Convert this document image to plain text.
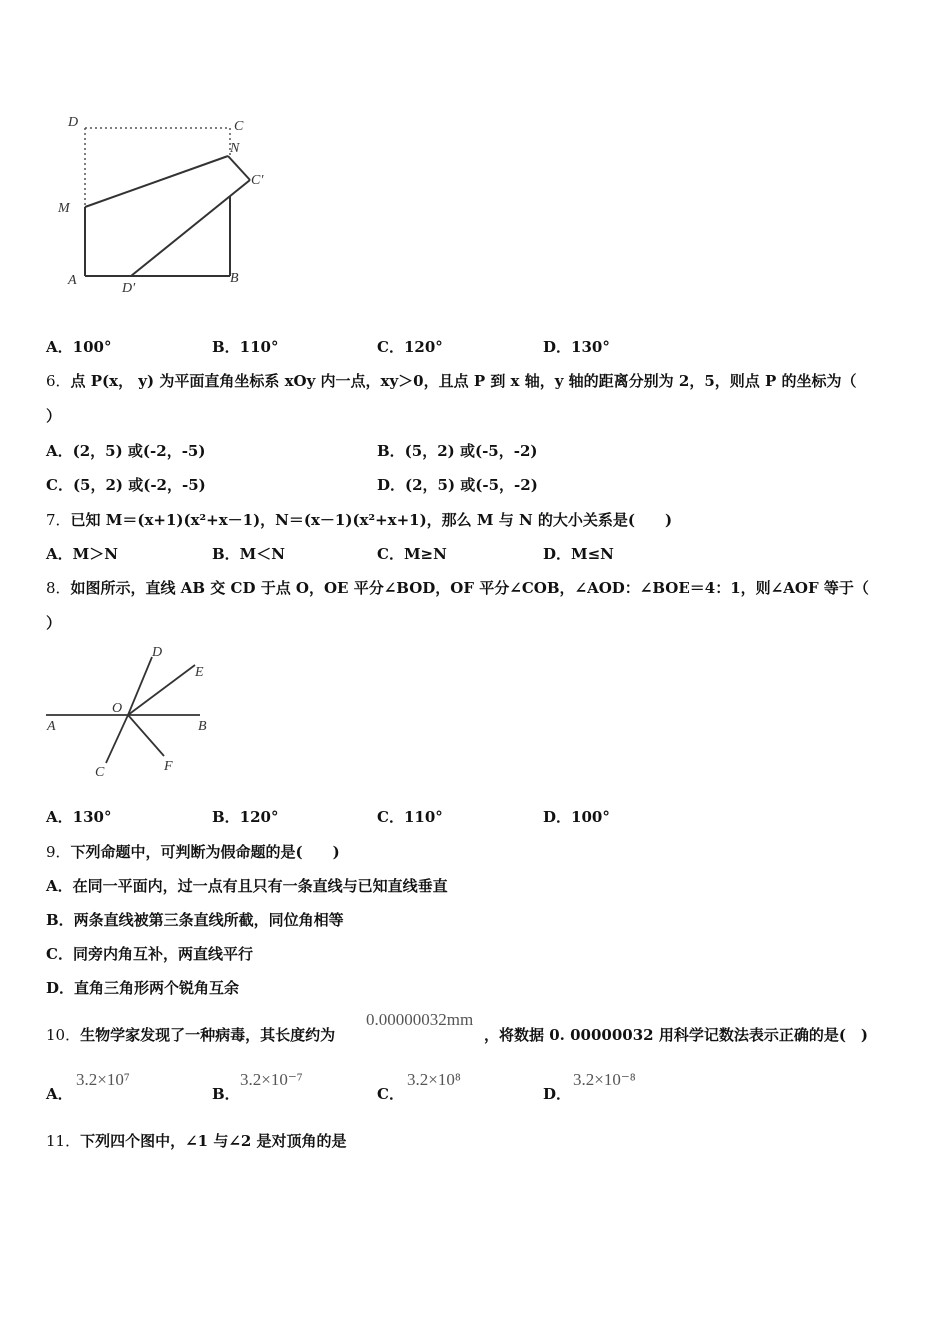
D	C
N
C′
M
A
D′
B
A．100°	B．110°	C．120°	D．130°
6．点 P(x， y) 为平面直角坐标系 xOy 内一点，xy＞0，且点 P 到 x 轴，y 轴的距离分别为 2，5，则点 P 的坐标为（
）
A．(2，5) 或(-2，-5)	B．(5，2) 或(-5，-2)
C．(5，2) 或(-2，-5)	D．(2，5) 或(-5，-2)
7．已知 M＝(x+1)(x²+x－1)，N＝(x－1)(x²+x+1)，那么 M 与 N 的大小关系是(　　)
A．M＞N	B．M＜N	C．M≥N	D．M≤N
8．如图所示，直线 AB 交 CD 于点 O，OE 平分∠BOD，OF 平分∠COB，∠AOD：∠BOE＝4：1，则∠AOF 等于（
）
D
E
A
O
B
C	F
A．130°	B．120°	C．110°	D．100°
9．下列命题中，可判断为假命题的是(　　)
A．在同一平面内，过一点有且只有一条直线与已知直线垂直
B．两条直线被第三条直线所截，同位角相等
C．同旁内角互补，两直线平行
D．直角三角形两个锐角互余
10．生物学家发现了一种病毒，其长度约为
0.00000032mm
，将数据 0. 00000032 用科学记数法表示正确的是(　)
A．
3.2×10⁷
B．
3.2×10⁻⁷
C．
3.2×10⁸
D．
3.2×10⁻⁸
11．下列四个图中，∠1 与∠2 是对顶角的是
